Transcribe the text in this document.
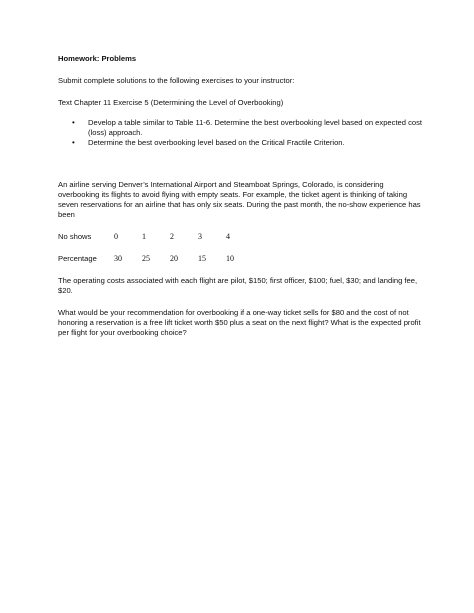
Homework: Problems

Submit complete solutions to the following exercises to your instructor:

Text Chapter 11 Exercise 5 (Determining the Level of Overbooking)

• Develop a table similar to Table 11-6. Determine the best overbooking level based on expected cost (loss) approach.
• Determine the best overbooking level based on the Critical Fractile Criterion.

An airline serving Denver’s International Airport and Steamboat Springs, Colorado, is considering overbooking its flights to avoid flying with empty seats. For example, the ticket agent is thinking of taking seven reservations for an airline that has only six seats. During the past month, the no-show experience has been

No shows	0	1	2	3	4
Percentage	30	25	20	15	10

The operating costs associated with each flight are pilot, $150; first officer, $100; fuel, $30; and landing fee, $20.

What would be your recommendation for overbooking if a one-way ticket sells for $80 and the cost of not honoring a reservation is a free lift ticket worth $50 plus a seat on the next flight? What is the expected profit per flight for your overbooking choice?
